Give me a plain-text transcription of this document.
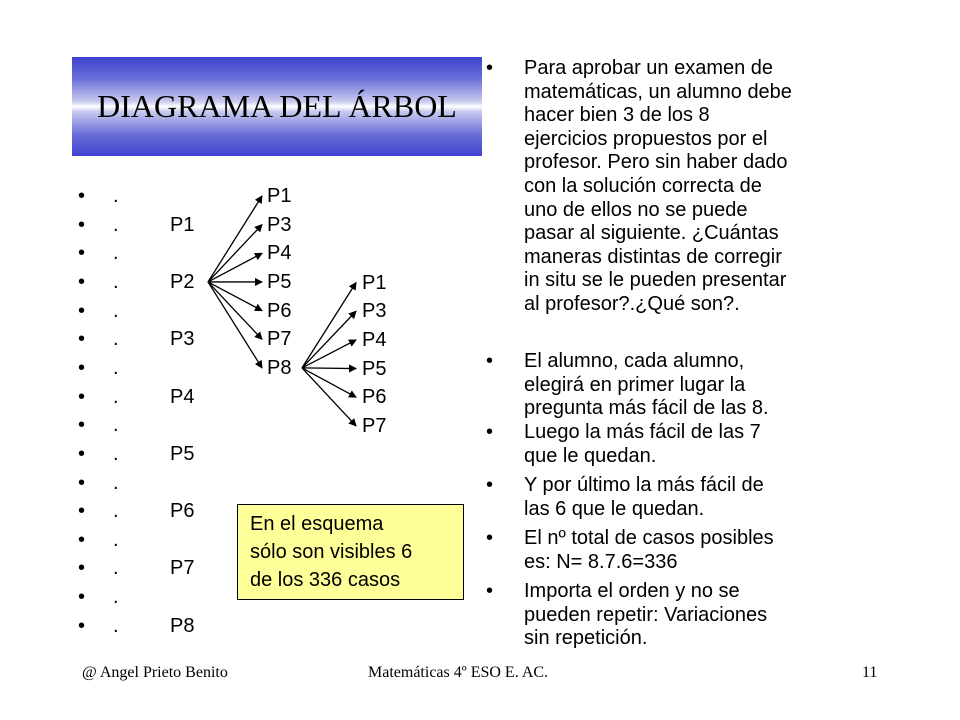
DIAGRAMA DEL ÁRBOL
• .
• .	P1
• .
• .	P2
• .
• .	P3
• .
• .	P4
• .
• .	P5
• .
• .	P6
• .
• .	P7
• .
• .	P8
P1
P3
P4
P5
P6
P7
P8
P1
P3
P4
P5
P6
P7
En el esquema
sólo son visibles 6
de los 336 casos
• Para aprobar un examen de
matemáticas, un alumno debe
hacer bien 3 de los 8
ejercicios propuestos por el
profesor. Pero sin haber dado
con la solución correcta de
uno de ellos no se puede
pasar al siguiente. ¿Cuántas
maneras distintas de corregir
in situ se le pueden presentar
al profesor?.¿Qué son?.
• El alumno, cada alumno,
elegirá en primer lugar la
pregunta más fácil de las 8.
• Luego la más fácil de las 7
que le quedan.
• Y por último la más fácil de
las 6 que le quedan.
• El nº total de casos posibles
es: N= 8.7.6=336
• Importa el orden y no se
pueden repetir: Variaciones
sin repetición.
@ Angel Prieto Benito	Matemáticas 4º ESO E. AC.	11
